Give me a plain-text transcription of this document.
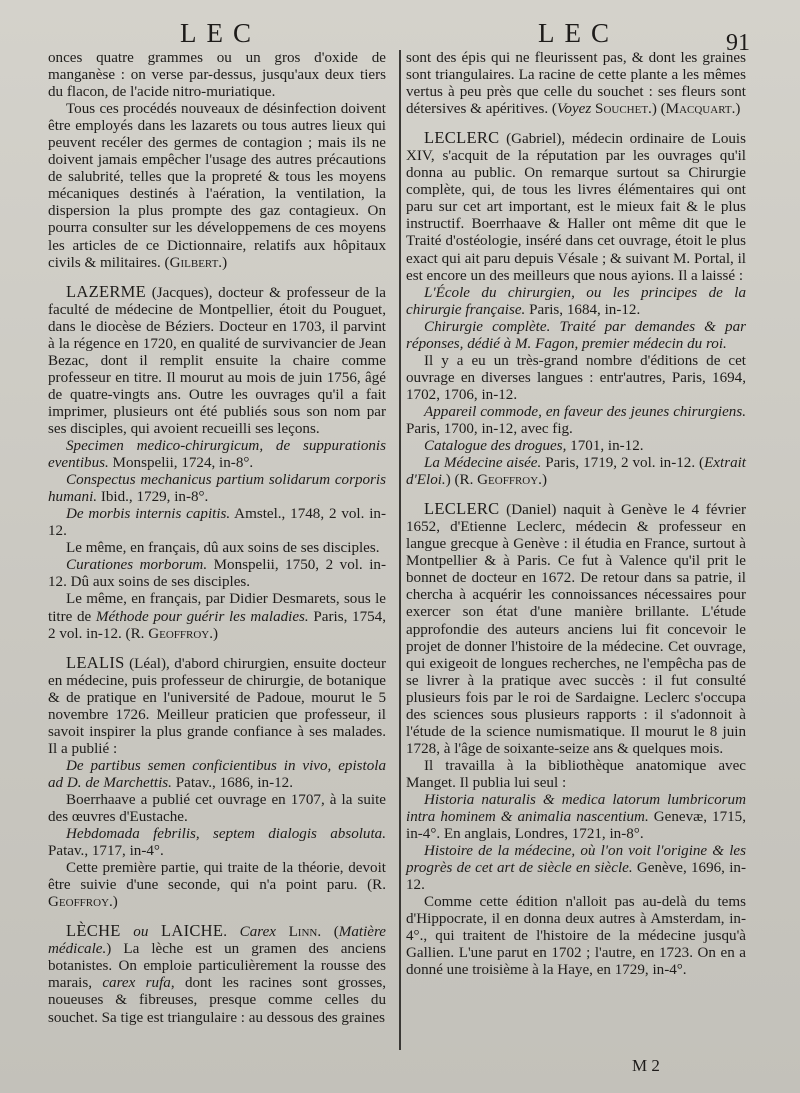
LEC	LEC	91

onces quatre grammes ou un gros d'oxide de manganèse : on verse par-dessus, jusqu'aux deux tiers du flacon, de l'acide nitro-muriatique.

Tous ces procédés nouveaux de désinfection doivent être employés dans les lazarets ou tous autres lieux qui peuvent recéler des germes de contagion ; mais ils ne doivent jamais empêcher l'usage des autres précautions de salubrité, telles que la propreté & tous les moyens mécaniques destinés à l'aération, la ventilation, la dispersion la plus prompte des gaz contagieux. On pourra consulter sur les développemens de ces moyens les articles de ce Dictionnaire, relatifs aux hôpitaux civils & militaires. (Gilbert.)

LAZERME (Jacques), docteur & professeur de la faculté de médecine de Montpellier, étoit du Pouguet, dans le diocèse de Béziers. Docteur en 1703, il parvint à la régence en 1720, en qualité de survivancier de Jean Bezac, dont il remplit ensuite la chaire comme professeur en titre. Il mourut au mois de juin 1756, âgé de quatre-vingts ans. Outre les ouvrages qu'il a fait imprimer, plusieurs ont été publiés sous son nom par ses disciples, qui avoient recueilli ses leçons.

Specimen medico-chirurgicum, de suppurationis eventibus. Monspelii, 1724, in-8°.

Conspectus mechanicus partium solidarum corporis humani. Ibid., 1729, in-8°.

De morbis internis capitis. Amstel., 1748, 2 vol. in-12.

Le même, en français, dû aux soins de ses disciples.

Curationes morborum. Monspelii, 1750, 2 vol. in-12. Dû aux soins de ses disciples.

Le même, en français, par Didier Desmarets, sous le titre de Méthode pour guérir les maladies. Paris, 1754, 2 vol. in-12. (R. Geoffroy.)

LEALIS (Léal), d'abord chirurgien, ensuite docteur en médecine, puis professeur de chirurgie, de botanique & de pratique en l'université de Padoue, mourut le 5 novembre 1726. Meilleur praticien que professeur, il savoit inspirer la plus grande confiance à ses malades. Il a publié :

De partibus semen conficientibus in vivo, epistola ad D. de Marchettis. Patav., 1686, in-12.

Boerrhaave a publié cet ouvrage en 1707, à la suite des œuvres d'Eustache.

Hebdomada febrilis, septem dialogis absoluta. Patav., 1717, in-4°.

Cette première partie, qui traite de la théorie, devoit être suivie d'une seconde, qui n'a point paru. (R. Geoffroy.)

LÈCHE ou LAICHE. Carex Linn. (Matière médicale.) La lèche est un gramen des anciens botanistes. On emploie particulièrement la rousse des marais, carex rufa, dont les racines sont grosses, noueuses & fibreuses, presque comme celles du souchet. Sa tige est triangulaire : au dessous des graines

sont des épis qui ne fleurissent pas, & dont les graines sont triangulaires. La racine de cette plante a les mêmes vertus à peu près que celle du souchet : ses fleurs sont détersives & apéritives. (Voyez Souchet.) (Macquart.)

LECLERC (Gabriel), médecin ordinaire de Louis XIV, s'acquit de la réputation par les ouvrages qu'il donna au public. On remarque surtout sa Chirurgie complète, qui, de tous les livres élémentaires qui ont paru sur cet art important, est le mieux fait & le plus instructif. Boerrhaave & Haller ont même dit que le Traité d'ostéologie, inséré dans cet ouvrage, étoit le plus exact qui ait paru depuis Vésale ; & suivant M. Portal, il est encore un des meilleurs que nous ayions. Il a laissé :

L'École du chirurgien, ou les principes de la chirurgie françaisе. Paris, 1684, in-12.

Chirurgie complète. Traité par demandes & par réponses, dédié à M. Fagon, premier médecin du roi.

Il y a eu un très-grand nombre d'éditions de cet ouvrage en diverses langues : entr'autres, Paris, 1694, 1702, 1706, in-12.

Appareil commode, en faveur des jeunes chirurgiens. Paris, 1700, in-12, avec fig.

Catalogue des drogues, 1701, in-12.

La Médecine aisée. Paris, 1719, 2 vol. in-12. (Extrait d'Eloi.) (R. Geoffroy.)

LECLERC (Daniel) naquit à Genève le 4 février 1652, d'Etienne Leclerc, médecin & professeur en langue grecque à Genève : il étudia en France, surtout à Montpellier & à Paris. Ce fut à Valence qu'il prit le bonnet de docteur en 1672. De retour dans sa patrie, il chercha à acquérir les connoissances nécessaires pour exercer son état d'une manière brillante. L'étude approfondie des auteurs anciens lui fit concevoir le projet de donner l'histoire de la médecine. Cet ouvrage, qui exigeoit de longues recherches, ne l'empêcha pas de se livrer à la pratique avec succès : il fut consulté plusieurs fois par le roi de Sardaigne. Leclerc s'occupa des sciences sous plusieurs rapports : il s'adonnoit à l'étude de la science numismatique. Il mourut le 8 juin 1728, à l'âge de soixante-seize ans & quelques mois.

Il travailla à la bibliothèque anatomique avec Manget. Il publia lui seul :

Historia naturalis & medica latorum lumbricorum intra hominem & animalia nascentium. Genevæ, 1715, in-4°. En anglais, Londres, 1721, in-8°.

Histoire de la médecine, où l'on voit l'origine & les progrès de cet art de siècle en siècle. Genève, 1696, in-12.

Comme cette édition n'alloit pas au-delà du tems d'Hippocrate, il en donna deux autres à Amsterdam, in-4°., qui traitent de l'histoire de la médecine jusqu'à Gallien. L'une parut en 1702 ; l'autre, en 1723. On en a donné une troisième à la Haye, en 1729, in-4°.

M 2
